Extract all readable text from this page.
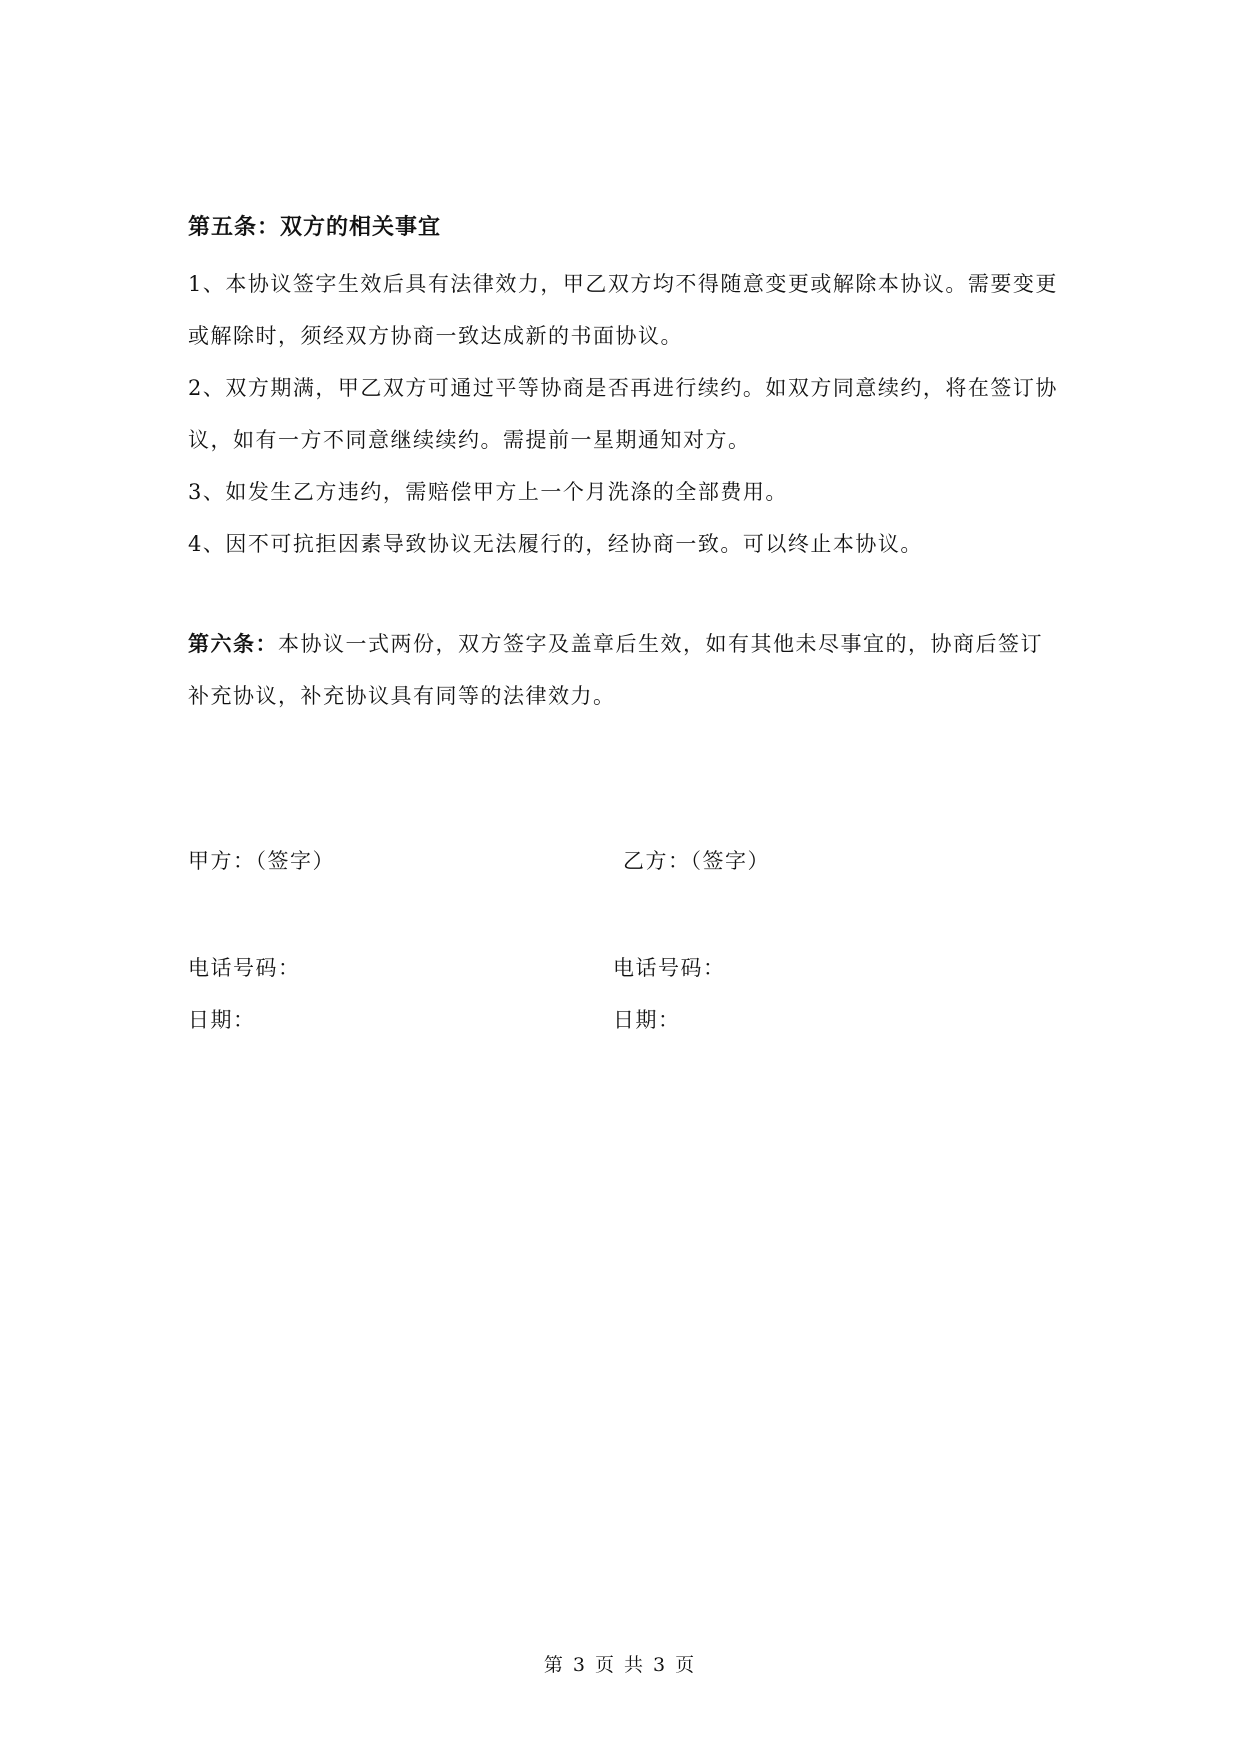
第五条：双方的相关事宜

1、本协议签字生效后具有法律效力，甲乙双方均不得随意变更或解除本协议。需要变更或解除时，须经双方协商一致达成新的书面协议。

2、双方期满，甲乙双方可通过平等协商是否再进行续约。如双方同意续约，将在签订协议，如有一方不同意继续续约。需提前一星期通知对方。

3、如发生乙方违约，需赔偿甲方上一个月洗涤的全部费用。

4、因不可抗拒因素导致协议无法履行的，经协商一致。可以终止本协议。

第六条：本协议一式两份，双方签字及盖章后生效，如有其他未尽事宜的，协商后签订补充协议，补充协议具有同等的法律效力。

甲方：（签字）	乙方：（签字）
电话号码：	电话号码：
日期：	日期：
第 3 页 共 3 页
